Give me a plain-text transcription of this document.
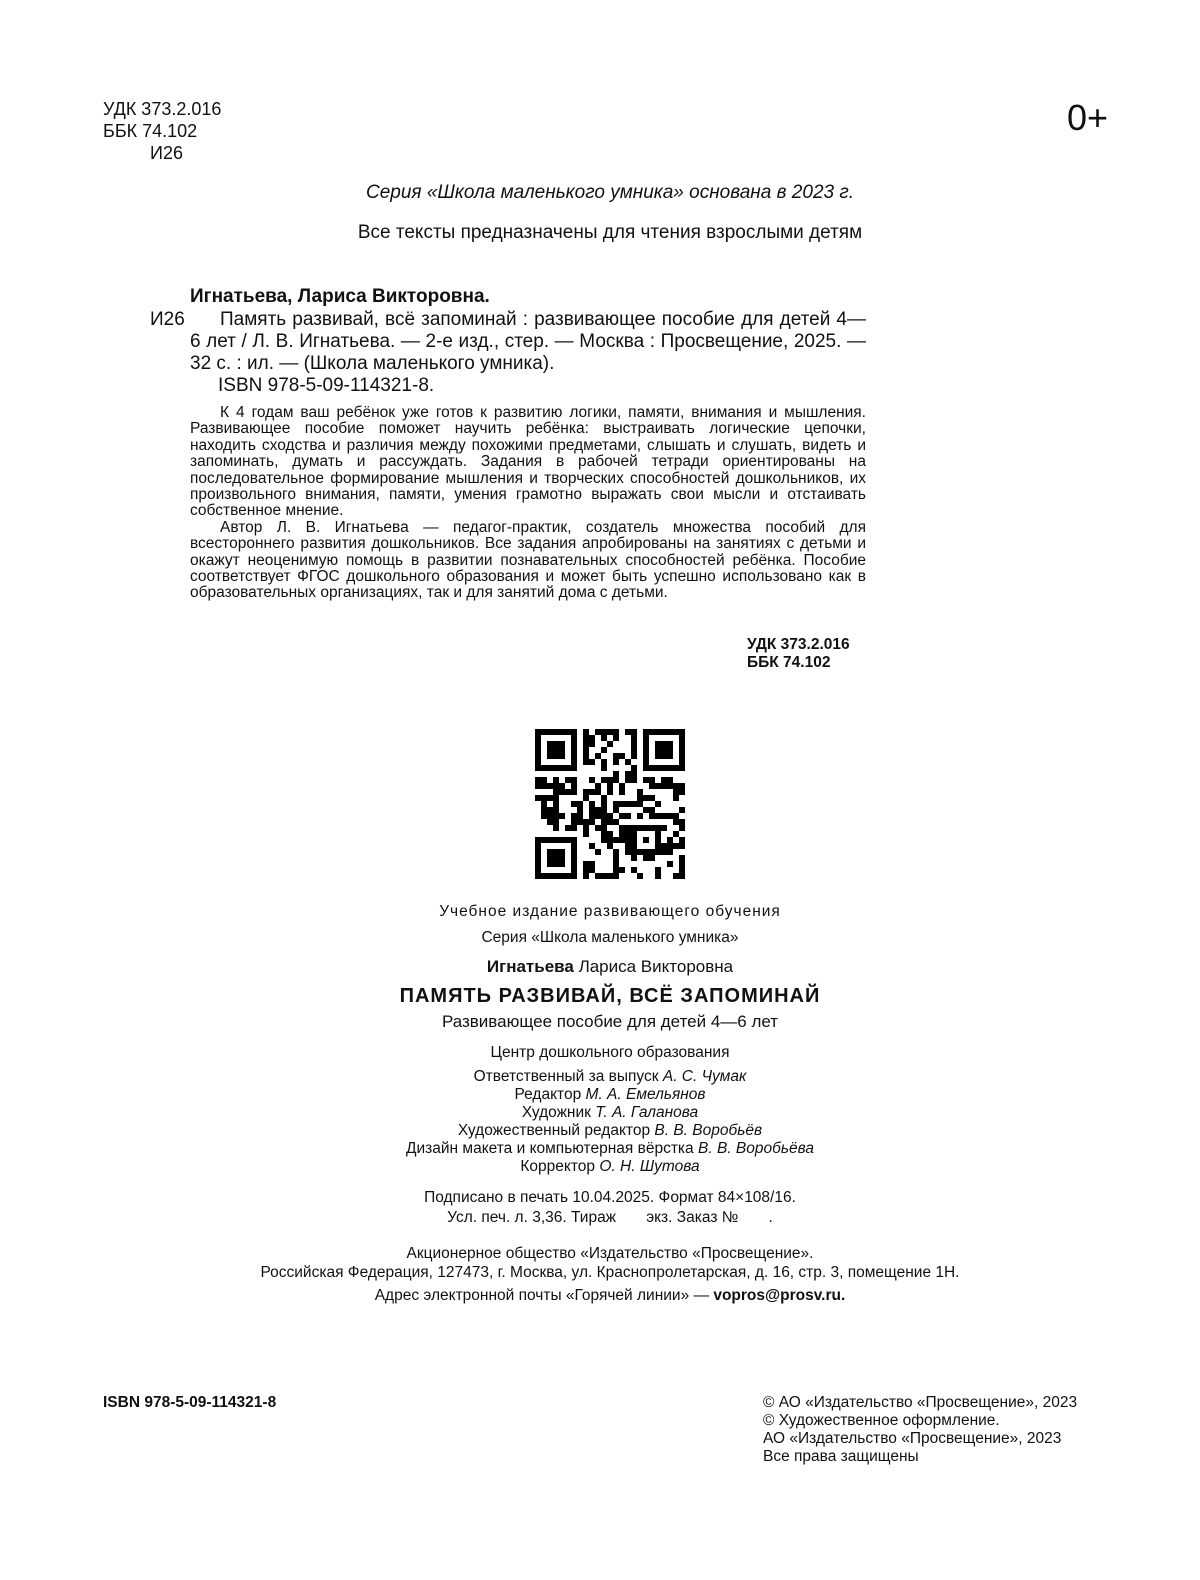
УДК 373.2.016
ББК 74.102
И26
0+
Серия «Школа маленького умника» основана в 2023 г.
Все тексты предназначены для чтения взрослыми детям
Игнатьева, Лариса Викторовна.
И26	Память развивай, всё запоминай : развивающее пособие для детей 4—6 лет / Л. В. Игнатьева. — 2-е изд., стер. — Москва : Просвещение, 2025. — 32 с. : ил. — (Школа маленького умника).
ISBN 978-5-09-114321-8.

К 4 годам ваш ребёнок уже готов к развитию логики, памяти, внимания и мышления. Развивающее пособие поможет научить ребёнка: выстраивать логические цепочки, находить сходства и различия между похожими предметами, слышать и слушать, видеть и запоминать, думать и рассуждать. Задания в рабочей тетради ориентированы на последовательное формирование мышления и творческих способностей дошкольников, их произвольного внимания, памяти, умения грамотно выражать свои мысли и отстаивать собственное мнение.

Автор Л. В. Игнатьева — педагог-практик, создатель множества пособий для всестороннего развития дошкольников. Все задания апробированы на занятиях с детьми и окажут неоценимую помощь в развитии познавательных способностей ребёнка. Пособие соответствует ФГОС дошкольного образования и может быть успешно использовано как в образовательных организациях, так и для занятий дома с детьми.

УДК 373.2.016
ББК 74.102
Учебное издание развивающего обучения
Серия «Школа маленького умника»
Игнатьева Лариса Викторовна
ПАМЯТЬ РАЗВИВАЙ, ВСЁ ЗАПОМИНАЙ
Развивающее пособие для детей 4—6 лет
Центр дошкольного образования
Ответственный за выпуск А. С. Чумак
Редактор М. А. Емельянов
Художник Т. А. Галанова
Художественный редактор В. В. Воробьёв
Дизайн макета и компьютерная вёрстка В. В. Воробьёва
Корректор О. Н. Шутова
Подписано в печать 10.04.2025. Формат 84×108/16.
Усл. печ. л. 3,36. Тираж       экз. Заказ №       .
Акционерное общество «Издательство «Просвещение».
Российская Федерация, 127473, г. Москва, ул. Краснопролетарская, д. 16, стр. 3, помещение 1Н.
Адрес электронной почты «Горячей линии» — vopros@prosv.ru.
ISBN 978-5-09-114321-8	© АО «Издательство «Просвещение», 2023
© Художественное оформление.
АО «Издательство «Просвещение», 2023
Все права защищены
